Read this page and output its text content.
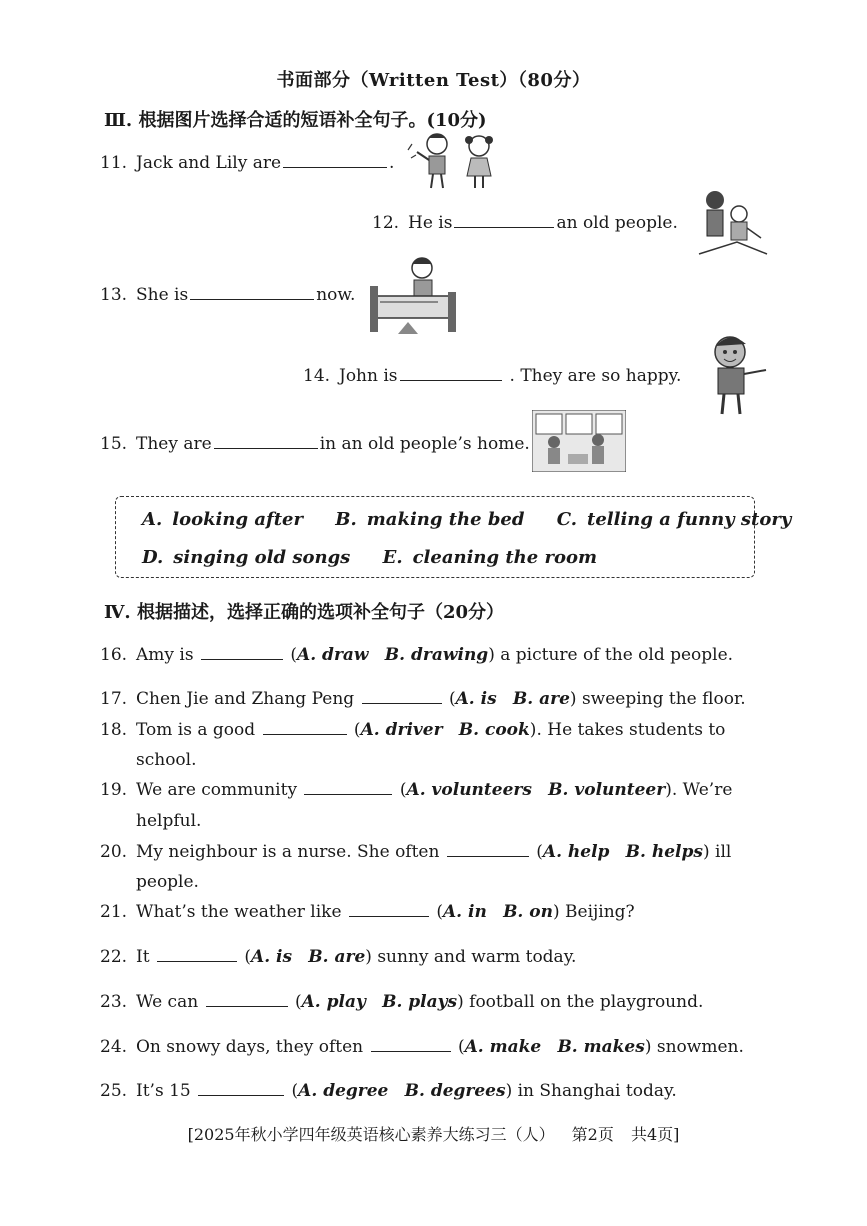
书面部分（Written Test）（80分）
Ⅲ. 根据图片选择合适的短语补全句子。(10分)
11. Jack and Lily are	.
12. He is	an old people.
13. She is	now.
14. John is	. They are so happy.
15. They are	in an old people’s home.
A. looking after B. making the bed C. telling a funny story
D. singing old songs E. cleaning the room
Ⅳ. 根据描述，选择正确的选项补全句子（20分）
16. Amy is	(A. draw B. drawing) a picture of the old people.
17. Chen Jie and Zhang Peng	(A. is B. are) sweeping the floor.
18. Tom is a good	(A. driver B. cook). He takes students to
school.
19. We are community	(A. volunteers B. volunteer). We’re
helpful.
20. My neighbour is a nurse. She often	(A. help B. helps) ill
people.
21. What’s the weather like	(A. in B. on) Beijing?
22. It	(A. is B. are) sunny and warm today.
23. We can	(A. play B. plays) football on the playground.
24. On snowy days, they often	(A. make B. makes) snowmen.
25. It’s 15	(A. degree B. degrees) in Shanghai today.
[2025年秋小学四年级英语核心素养大练习三（人） 第2页 共4页]
